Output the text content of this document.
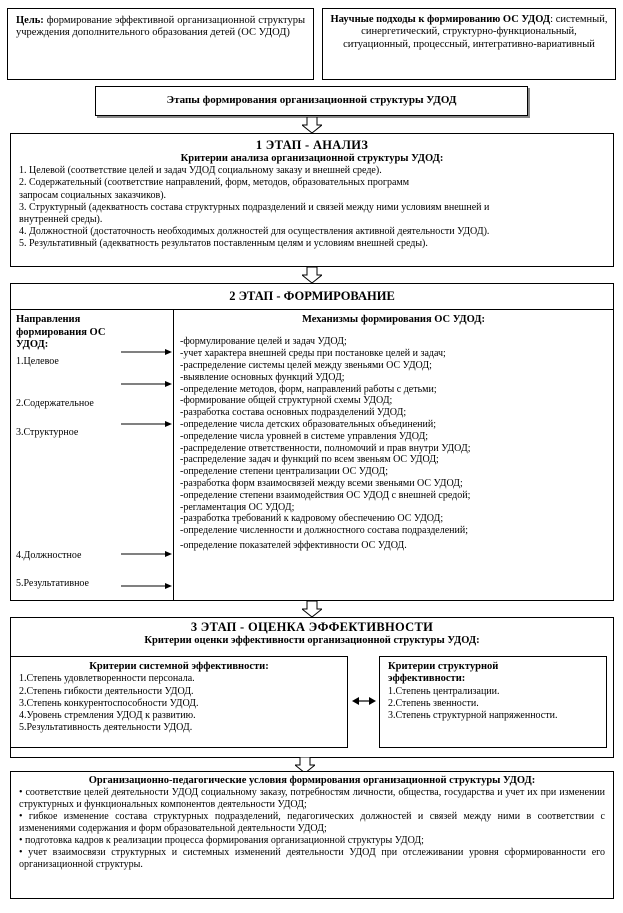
Цель: формирование эффективной организационной структуры учреждения дополнительного образования детей (ОС УДОД)
Научные подходы к формированию ОС УДОД: системный, синергетический, структурно-функциональный, ситуационный, процессный, интегративно-вариативный
Этапы формирования организационной структуры УДОД
1 ЭТАП - АНАЛИЗ
Критерии анализа организационной структуры УДОД:
1. Целевой (соответствие целей и задач УДОД социальному заказу и внешней среде).
2. Содержательный (соответствие направлений, форм, методов, образовательных программ
запросам социальных заказчиков).
3. Структурный (адекватность состава структурных подразделений и связей между ними условиям внешней и
внутренней среды).
4. Должностной (достаточность необходимых должностей для осуществления активной деятельности УДОД).
5. Результативный (адекватность результатов поставленным целям и условиям внешней среды).
2 ЭТАП - ФОРМИРОВАНИЕ
Направления
формирования ОС
УДОД:
1.Целевое
2.Содержательное
3.Структурное
4.Должностное
5.Результативное
Механизмы формирования ОС УДОД:
-формулирование целей и задач УДОД;
-учет характера внешней среды при постановке целей и задач;
-распределение системы целей между звеньями ОС УДОД;
-выявление основных функций УДОД;
-определение методов, форм, направлений работы с детьми;
-формирование общей структурной схемы УДОД;
-разработка состава основных подразделений УДОД;
-определение числа детских образовательных объединений;
-определение числа уровней в системе управления УДОД;
-распределение ответственности, полномочий и прав внутри УДОД;
-распределение задач и функций по всем звеньям ОС УДОД;
-определение степени централизации ОС УДОД;
-разработка форм взаимосвязей между всеми звеньями ОС УДОД;
-определение степени взаимодействия ОС УДОД с внешней средой;
-регламентация ОС УДОД;
-разработка требований к кадровому обеспечению ОС УДОД;
-определение численности и должностного состава подразделений;
-определение показателей эффективности ОС УДОД.
3 ЭТАП - ОЦЕНКА ЭФФЕКТИВНОСТИ
Критерии оценки эффективности организационной структуры УДОД:
Критерии системной эффективности:
1.Степень удовлетворенности персонала.
2.Степень гибкости деятельности УДОД.
3.Степень конкурентоспособности УДОД.
4.Уровень стремления УДОД к развитию.
5.Результативность деятельности УДОД.
Критерии структурной
эффективности:
1.Степень централизации.
2.Степень звенности.
3.Степень структурной напряженности.
Организационно-педагогические условия формирования организационной структуры УДОД:
• соответствие целей деятельности УДОД социальному заказу, потребностям личности, общества, государства и учет их при изменении структурных и функциональных компонентов деятельности УДОД;
• гибкое изменение состава структурных подразделений, педагогических должностей и связей между ними в соответствии с изменениями содержания и форм образовательной деятельности УДОД;
• подготовка кадров к реализации процесса формирования организационной структуры УДОД;
• учет взаимосвязи структурных и системных изменений деятельности УДОД при отслеживании уровня сформированности его организационной структуры.
